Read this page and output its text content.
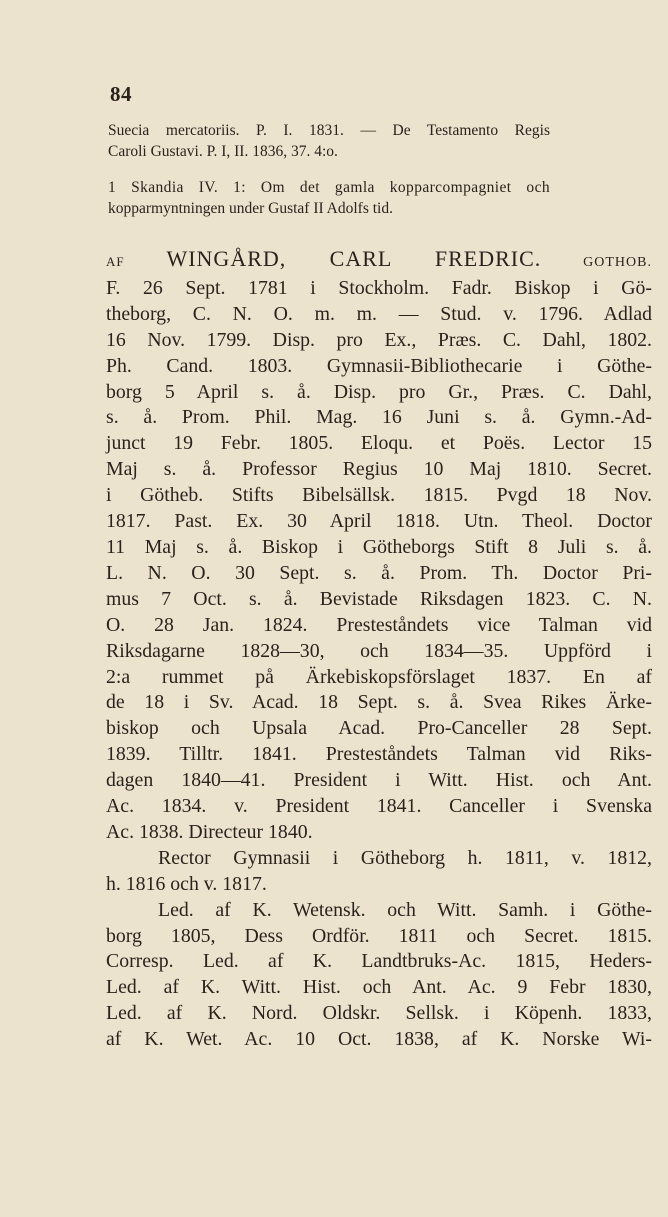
84
Suecia mercatoriis. P. I. 1831. — De Testamento Regis
Caroli Gustavi. P. I, II. 1836, 37. 4:o.
1 Skandia IV. 1: Om det gamla kopparcompagniet och
kopparmyntningen under Gustaf II Adolfs tid.
AF WINGÅRD, CARL FREDRIC.	GOTHOB.
F. 26 Sept. 1781 i Stockholm. Fadr. Biskop i Gö-
theborg, C. N. O. m. m. — Stud. v. 1796. Adlad
16 Nov. 1799. Disp. pro Ex., Præs. C. Dahl, 1802.
Ph. Cand. 1803. Gymnasii-Bibliothecarie i Göthe-
borg 5 April s. å. Disp. pro Gr., Præs. C. Dahl,
s. å. Prom. Phil. Mag. 16 Juni s. å. Gymn.-Ad-
junct 19 Febr. 1805. Eloqu. et Poës. Lector 15
Maj s. å. Professor Regius 10 Maj 1810. Secret.
i Götheb. Stifts Bibelsällsk. 1815. Pvgd 18 Nov.
1817. Past. Ex. 30 April 1818. Utn. Theol. Doctor
11 Maj s. å. Biskop i Götheborgs Stift 8 Juli s. å.
L. N. O. 30 Sept. s. å. Prom. Th. Doctor Pri-
mus 7 Oct. s. å. Bevistade Riksdagen 1823. C. N.
O. 28 Jan. 1824. Presteståndets vice Talman vid
Riksdagarne 1828—30, och 1834—35. Uppförd i
2:a rummet på Ärkebiskopsförslaget 1837. En af
de 18 i Sv. Acad. 18 Sept. s. å. Svea Rikes Ärke-
biskop och Upsala Acad. Pro-Canceller 28 Sept.
1839. Tilltr. 1841. Presteståndets Talman vid Riks-
dagen 1840—41. President i Witt. Hist. och Ant.
Ac. 1834. v. President 1841. Canceller i Svenska
Ac. 1838. Directeur 1840.
Rector Gymnasii i Götheborg h. 1811, v. 1812,
h. 1816 och v. 1817.
Led. af K. Wetensk. och Witt. Samh. i Göthe-
borg 1805, Dess Ordför. 1811 och Secret. 1815.
Corresp. Led. af K. Landtbruks-Ac. 1815, Heders-
Led. af K. Witt. Hist. och Ant. Ac. 9 Febr 1830,
Led. af K. Nord. Oldskr. Sellsk. i Köpenh. 1833,
af K. Wet. Ac. 10 Oct. 1838, af K. Norske Wi-
